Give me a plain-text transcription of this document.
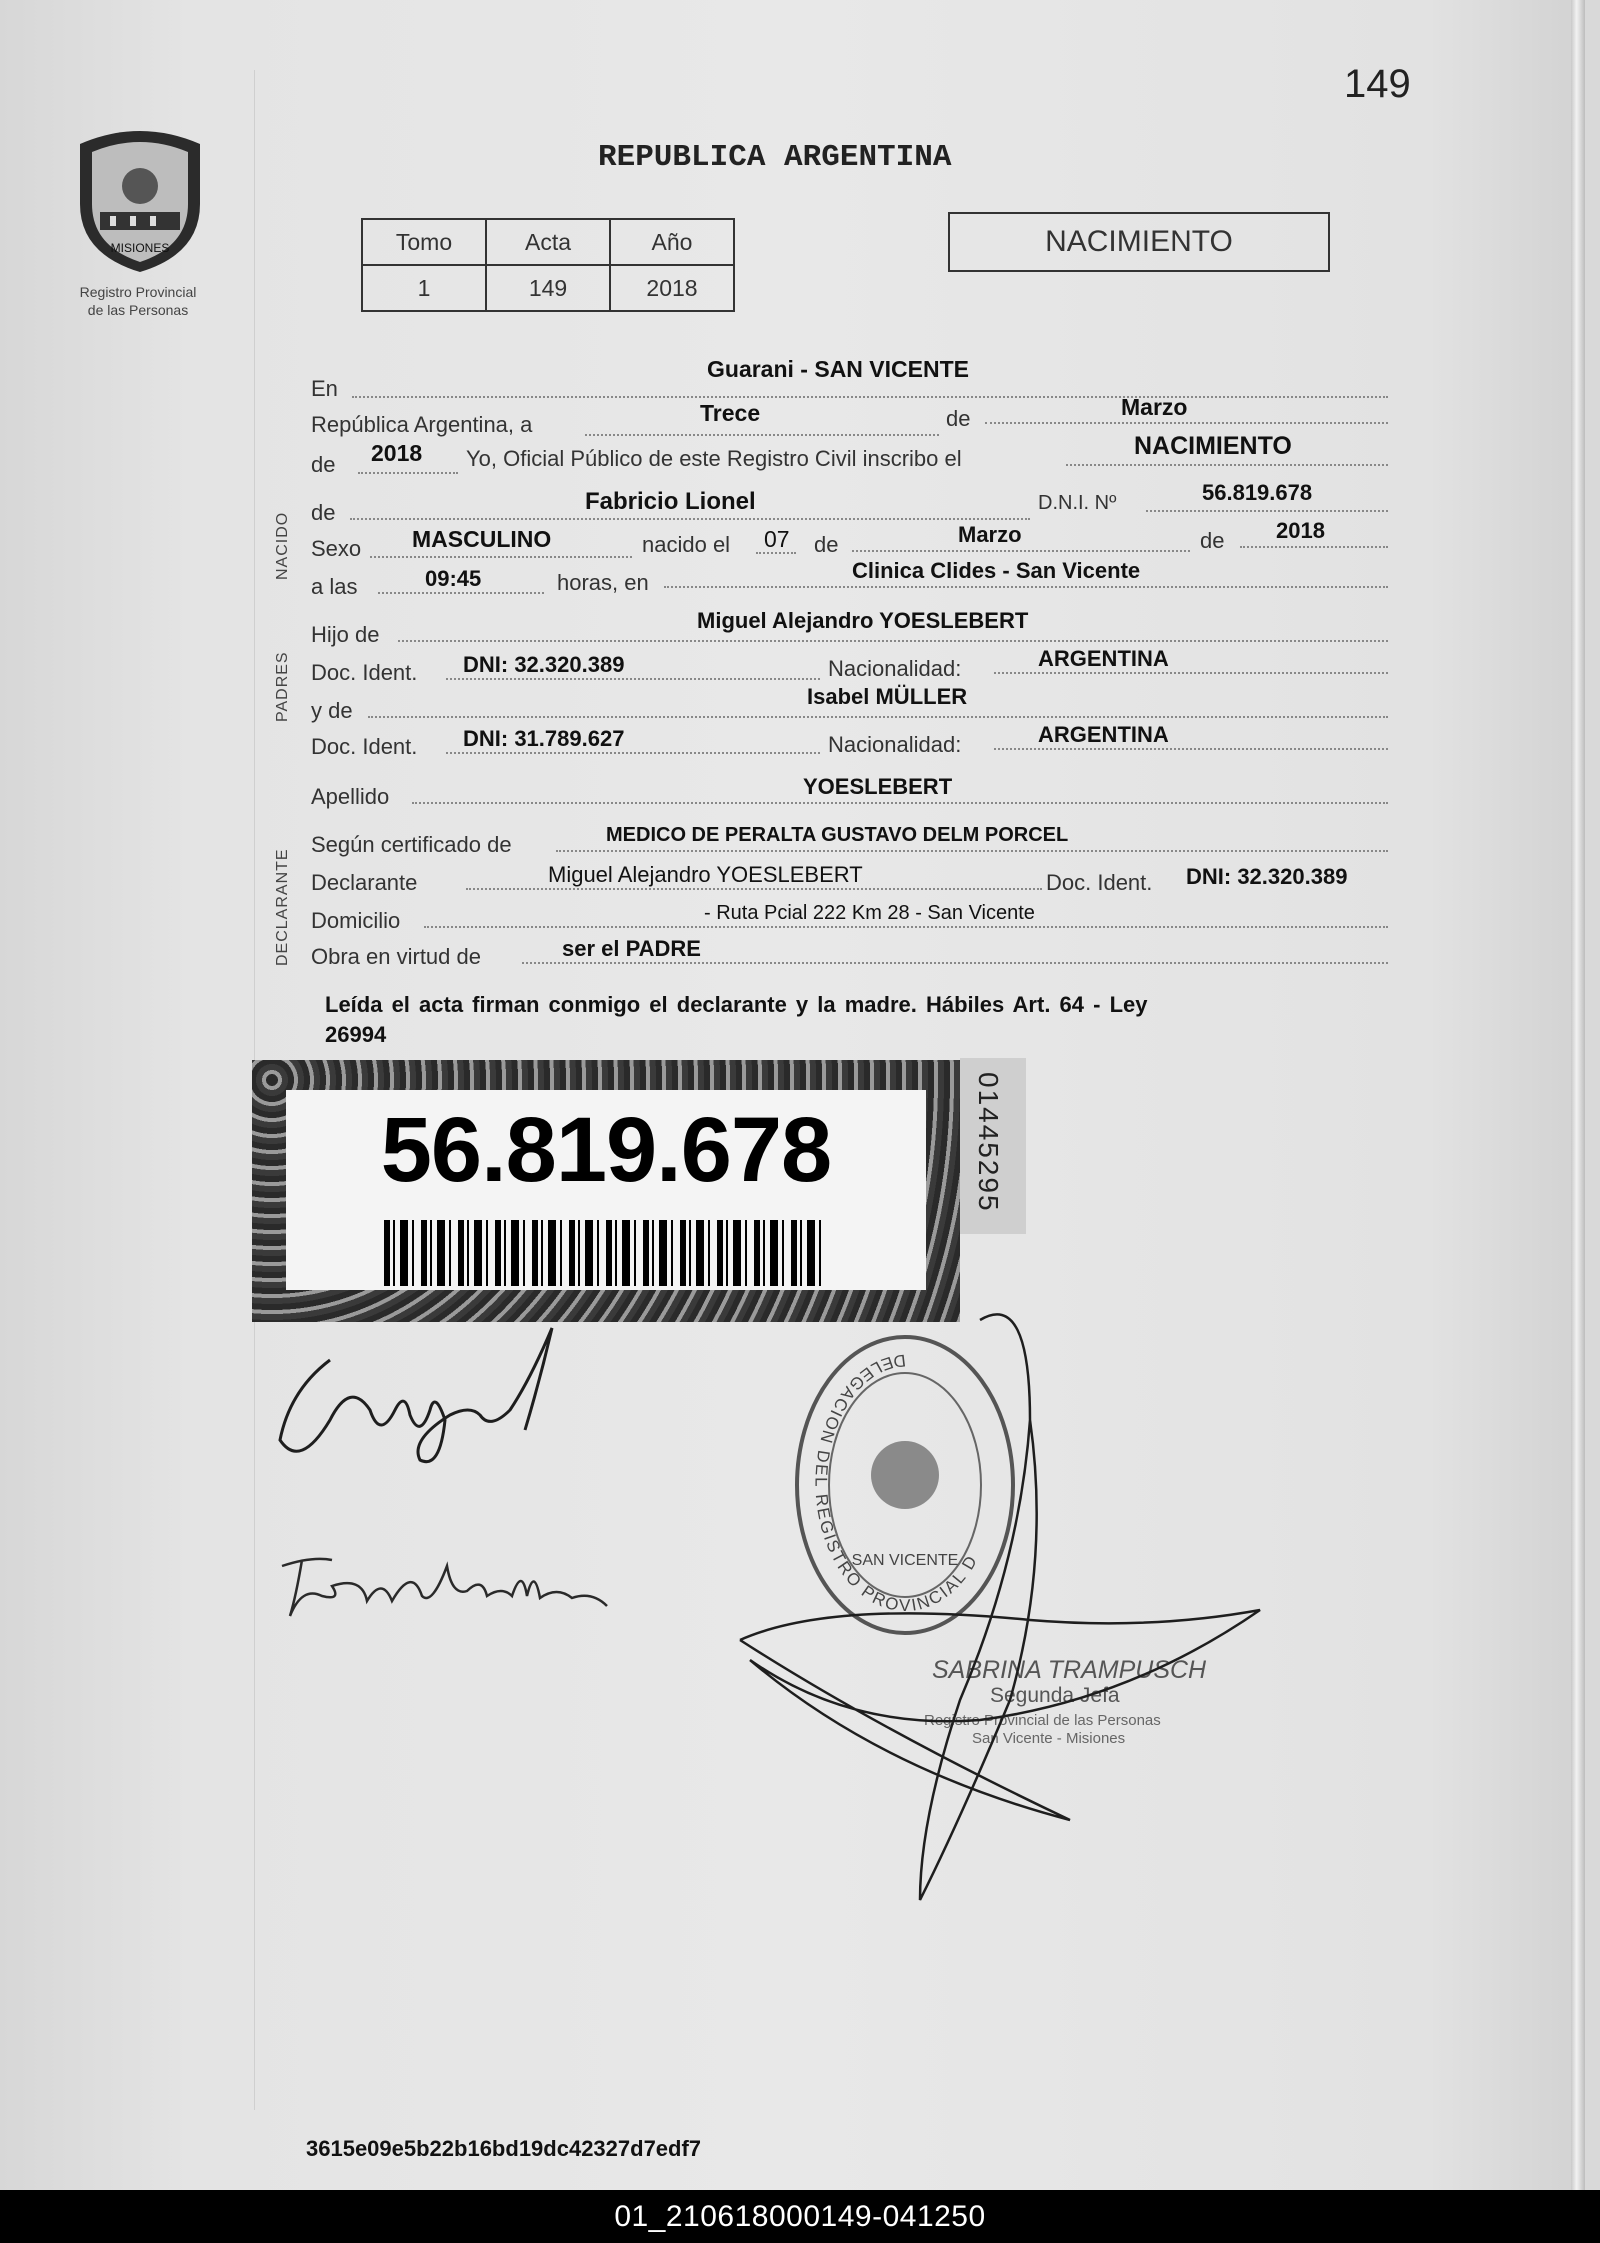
149
MISIONES
Registro Provincial
de las Personas
REPUBLICA ARGENTINA
Tomo	Acta	Año
1	149	2018
NACIMIENTO
NACIDO
PADRES
DECLARANTE
En
Guarani - SAN VICENTE
República Argentina, a	Trece	de	Marzo
de 2018 Yo, Oficial Público de este Registro Civil inscribo el	NACIMIENTO
de	Fabricio Lionel	D.N.I. Nº	56.819.678
Sexo MASCULINO	nacido el 07 de	Marzo	de 2018
a las	09:45	horas, en	Clinica Clides - San Vicente
Hijo de
Miguel Alejandro YOESLEBERT
Doc. Ident. DNI: 32.320.389	Nacionalidad:	ARGENTINA
y de
Isabel MÜLLER
Doc. Ident. DNI: 31.789.627	Nacionalidad:	ARGENTINA
Apellido	YOESLEBERT
Según certificado de	MEDICO DE PERALTA GUSTAVO DELM PORCEL
Declarante	Miguel Alejandro YOESLEBERT	Doc. Ident. DNI: 32.320.389
Domicilio	- Ruta Pcial 222 Km 28 - San Vicente
Obra en virtud de	ser el PADRE
Leída el acta firman conmigo el declarante y la madre. Hábiles Art. 64 - Ley
26994
56.819.678	01445295
DELEGACION DEL REGISTRO PROVINCIAL D
SAN VICENTE
SABRINA TRAMPUSCH
Segunda Jefa
Registro Provincial de las Personas
San Vicente - Misiones
3615e09e5b22b16bd19dc42327d7edf7
01_210618000149-041250
